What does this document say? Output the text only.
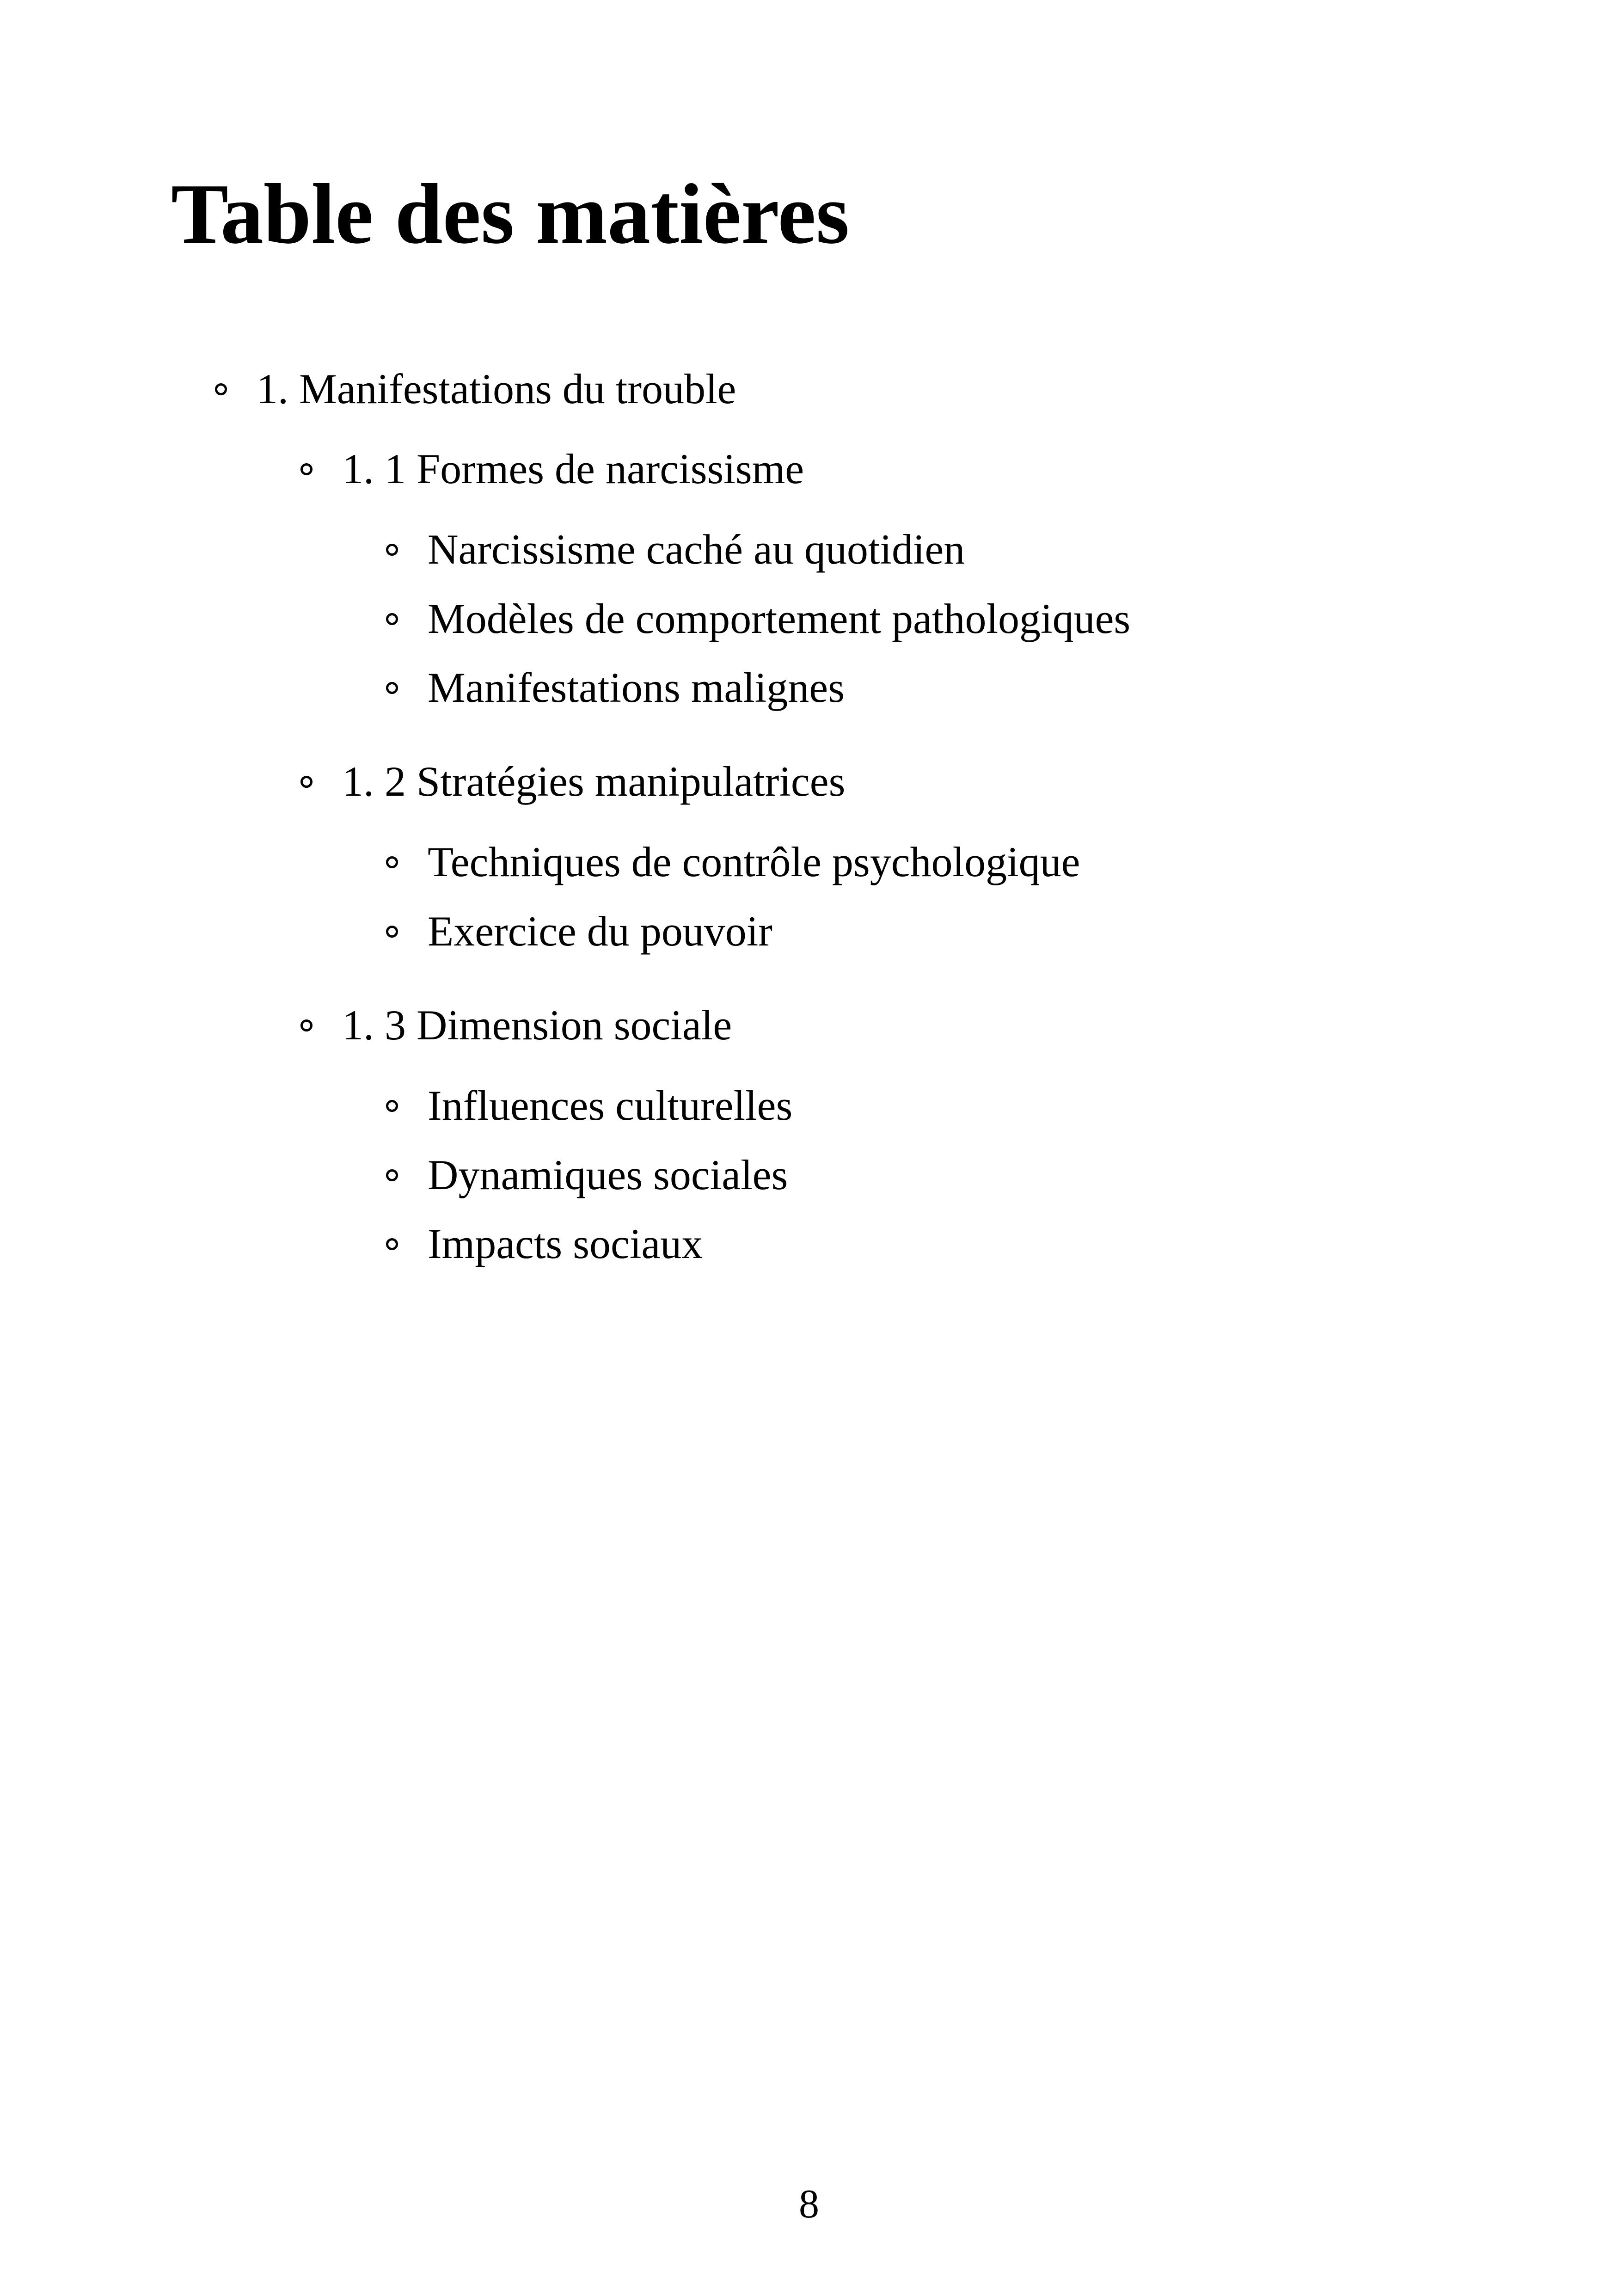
Table des matières

1. Manifestations du trouble

1. 1 Formes de narcissisme

Narcissisme caché au quotidien

Modèles de comportement pathologiques

Manifestations malignes

1. 2 Stratégies manipulatrices

Techniques de contrôle psychologique

Exercice du pouvoir

1. 3 Dimension sociale

Influences culturelles

Dynamiques sociales

Impacts sociaux

8
